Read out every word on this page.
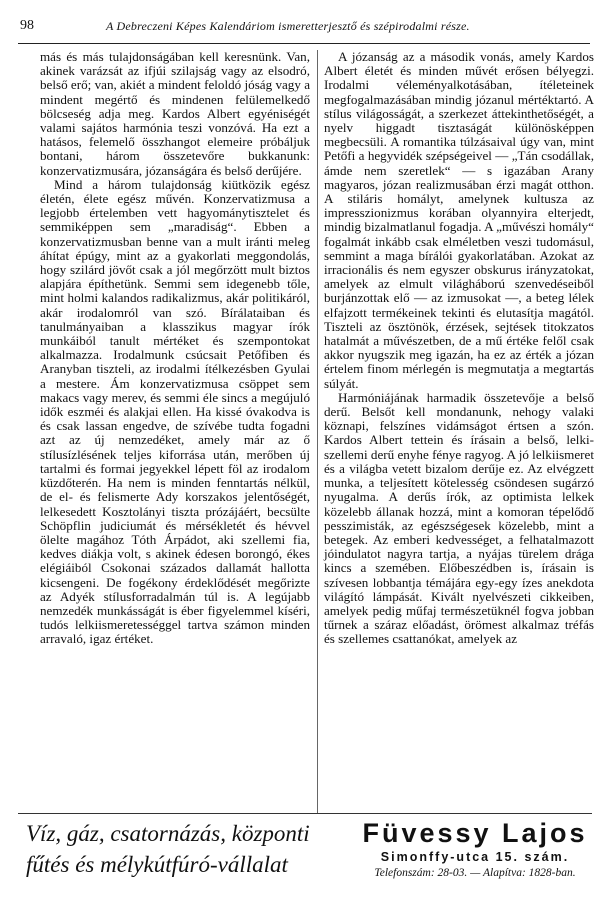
98	A Debreczeni Képes Kalendáriom ismeretterjesztő és szépirodalmi része.

más és más tulajdonságában kell keresnünk. Van, akinek varázsát az ifjúi szilajság vagy az elsodró, belső erő; van, akiét a mindent feloldó jóság vagy a mindent megértő és mindenen felülemelkedő bölcseség adja meg. Kardos Albert egyéniségét valami sajátos harmónia teszi vonzóvá. Ha ezt a hatásos, felemelő összhangot elemeire próbáljuk bontani, három összetevőre bukkanunk: konzervatizmusára, józanságára és belső derűjére.

Mind a három tulajdonság kiütközik egész életén, élete egész művén. Konzervatizmusa a legjobb értelemben vett hagyománytisztelet és semmiképpen sem „maradiság“. Ebben a konzervatizmusban benne van a mult iránti meleg áhítat épúgy, mint az a gyakorlati meggondolás, hogy szilárd jövőt csak a jól megőrzött mult biztos alapjára építhetünk. Semmi sem idegenebb tőle, mint holmi kalandos radikalizmus, akár politikáról, akár irodalomról van szó. Bírálataiban és tanulmányaiban a klasszikus magyar írók munkáiból tanult mértéket és szempontokat alkalmazza. Irodalmunk csúcsait Petőfiben és Aranyban tiszteli, az irodalmi ítélkezésben Gyulai a mestere. Ám konzervatizmusa csöppet sem makacs vagy merev, és semmi éle sincs a megújuló idők eszméi és alakjai ellen. Ha kissé óvakodva is és csak lassan engedve, de szívébe tudta fogadni azt az új nemzedéket, amely már az ő stílusízlésének teljes kiforrása után, merőben új tartalmi és formai jegyekkel lépett föl az irodalom küzdőterén. Ha nem is minden fenntartás nélkül, de el- és felismerte Ady korszakos jelentőségét, lelkesedett Kosztolányi tiszta prózájáért, becsülte Schöpflin judiciumát és mérsékletét és hévvel ölelte magához Tóth Árpádot, aki szellemi fia, kedves diákja volt, s akinek édesen borongó, ékes elégiáiból Csokonai százados dallamát hallotta kicsengeni. De fogékony érdeklődését megőrizte az Adyék stílusforradalmán túl is. A legújabb nemzedék munkásságát is éber figyelemmel kíséri, tudós lelkiismeretességgel tartva számon minden arravaló, igaz értéket.

A józanság az a második vonás, amely Kardos Albert életét és minden művét erősen bélyegzi. Irodalmi véleményalkotásában, ítéleteinek megfogalmazásában mindig józanul mértéktartó. A stílus világosságát, a szerkezet áttekinthetőségét, a nyelv higgadt tisztaságát különösképpen megbecsüli. A romantika túlzásaival úgy van, mint Petőfi a hegyvidék szépségeivel — „Tán csodállak, ámde nem szeretlek“ — s igazában Arany magyaros, józan realizmusában érzi magát otthon. A stiláris homályt, amelynek kultusza az impresszionizmus korában olyannyira elterjedt, mindig bizalmatlanul fogadja. A „művészi homály“ fogalmát inkább csak elméletben veszi tudomásul, semmint a maga bírálói gyakorlatában. Azokat az irracionális és nem egyszer obskurus irányzatokat, amelyek az elmult világháború szenvedéseiből burjánzottak elő — az izmusokat —, a beteg lélek elfajzott termékeinek tekinti és elutasítja magától. Tiszteli az ösztönök, érzések, sejtések titokzatos hatalmát a művészetben, de a mű értéke felől csak akkor nyugszik meg igazán, ha ez az érték a józan értelem finom mérlegén is megmutatja a megtartás súlyát.

Harmóniájának harmadik összetevője a belső derű. Belsőt kell mondanunk, nehogy valaki köznapi, felszínes vidámságot értsen a szón. Kardos Albert tettein és írásain a belső, lelki-szellemi derű enyhe fénye ragyog. A jó lelkiismeret és a világba vetett bizalom derűje ez. Az elvégzett munka, a teljesített kötelesség csöndesen sugárzó nyugalma. A derűs írók, az optimista lelkek közelebb állanak hozzá, mint a komoran tépelődő pesszimisták, az egészségesek közelebb, mint a betegek. Az emberi kedvességet, a felhatalmazott jóindulatot nagyra tartja, a nyájas türelem drága kincs a szemében. Előbeszédben is, írásain is szívesen lobbantja témájára egy-egy ízes anekdota világító lámpását. Kivált nyelvészeti cikkeiben, amelyek pedig műfaj természetüknél fogva jobban tűrnek a száraz előadást, örömest alkalmaz tréfás és szellemes csattanókat, amelyek az

Víz, gáz, csatornázás, központi
fűtés és mélykútfúró-vállalat
Füvessy Lajos
Simonffy-utca 15. szám.
Telefonszám: 28-03. — Alapítva: 1828-ban.
